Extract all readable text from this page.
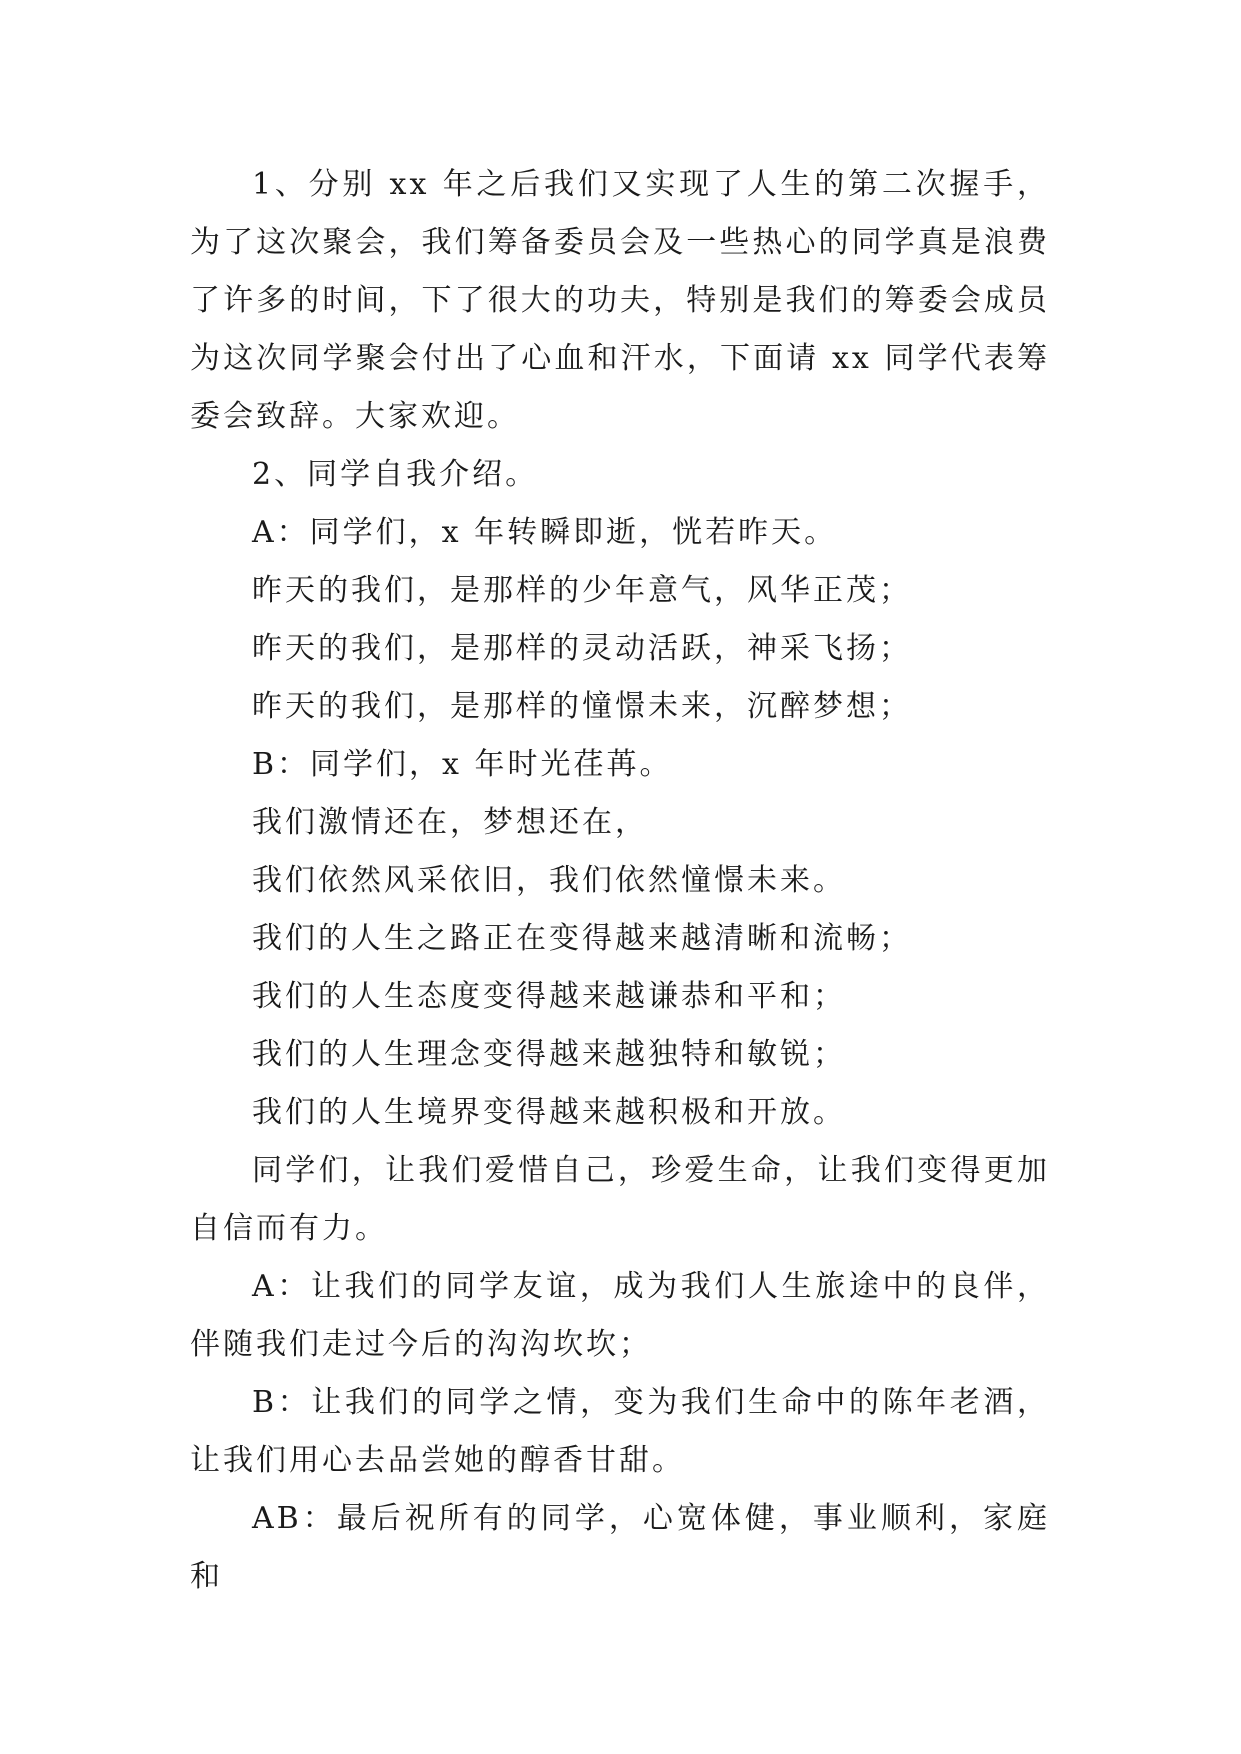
1、分别 xx 年之后我们又实现了人生的第二次握手，为了这次聚会，我们筹备委员会及一些热心的同学真是浪费了许多的时间，下了很大的功夫，特别是我们的筹委会成员为这次同学聚会付出了心血和汗水，下面请 xx 同学代表筹委会致辞。大家欢迎。

2、同学自我介绍。

A：同学们，x 年转瞬即逝，恍若昨天。

昨天的我们，是那样的少年意气，风华正茂；

昨天的我们，是那样的灵动活跃，神采飞扬；

昨天的我们，是那样的憧憬未来，沉醉梦想；

B：同学们，x 年时光荏苒。

我们激情还在，梦想还在，

我们依然风采依旧，我们依然憧憬未来。

我们的人生之路正在变得越来越清晰和流畅；

我们的人生态度变得越来越谦恭和平和；

我们的人生理念变得越来越独特和敏锐；

我们的人生境界变得越来越积极和开放。

同学们，让我们爱惜自己，珍爱生命，让我们变得更加自信而有力。

A：让我们的同学友谊，成为我们人生旅途中的良伴，伴随我们走过今后的沟沟坎坎；

B：让我们的同学之情，变为我们生命中的陈年老酒，让我们用心去品尝她的醇香甘甜。

AB：最后祝所有的同学，心宽体健，事业顺利，家庭和
